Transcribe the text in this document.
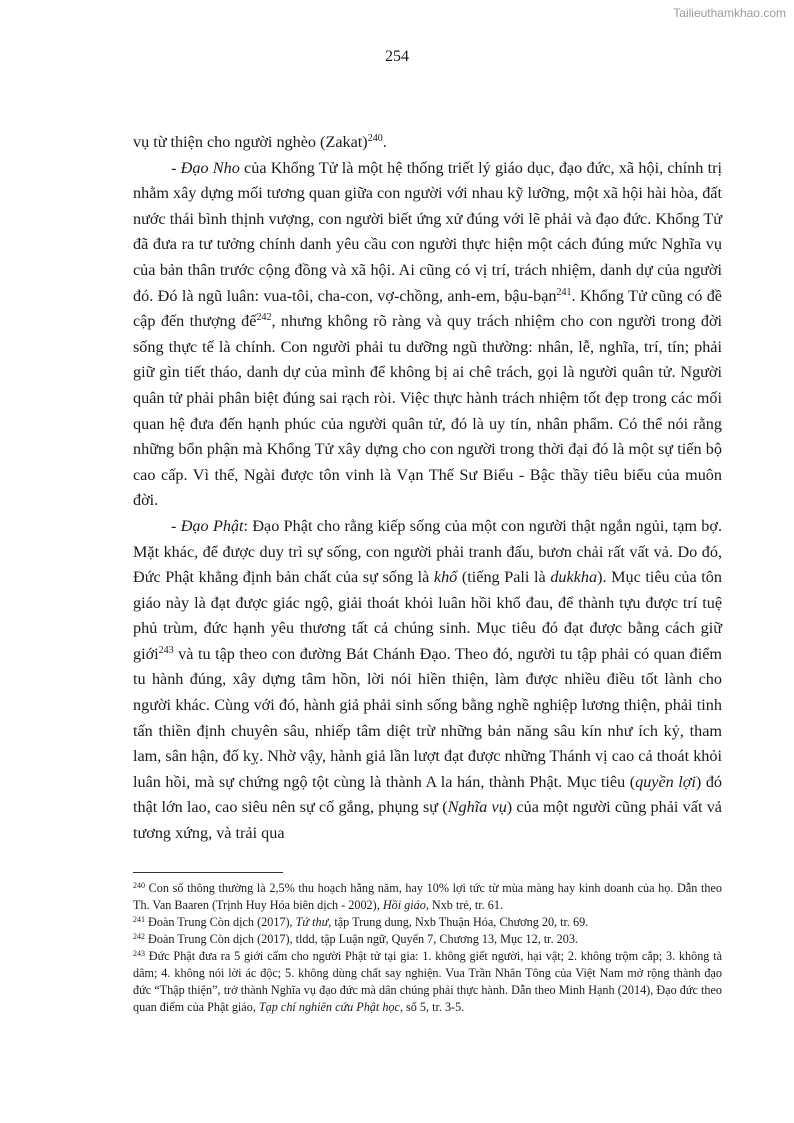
Tailieuthamkhao.com
254

vụ từ thiện cho người nghèo (Zakat)$^{240}$.

- Đạo Nho của Khổng Tử là một hệ thống triết lý giáo dục, đạo đức, xã hội, chính trị nhằm xây dựng mối tương quan giữa con người với nhau kỹ lưỡng, một xã hội hài hòa, đất nước thái bình thịnh vượng, con người biết ứng xử đúng với lẽ phải và đạo đức. Khổng Tử đã đưa ra tư tưởng chính danh yêu cầu con người thực hiện một cách đúng mức Nghĩa vụ của bản thân trước cộng đồng và xã hội. Ai cũng có vị trí, trách nhiệm, danh dự của người đó. Đó là ngũ luân: vua-tôi, cha-con, vợ-chồng, anh-em, bậu-bạn$^{241}$. Khổng Tử cũng có đề cập đến thượng đế$^{242}$, nhưng không rõ ràng và quy trách nhiệm cho con người trong đời sống thực tế là chính. Con người phải tu dưỡng ngũ thường: nhân, lễ, nghĩa, trí, tín; phải giữ gìn tiết tháo, danh dự của mình để không bị ai chê trách, gọi là người quân tử. Người quân tử phải phân biệt đúng sai rạch ròi. Việc thực hành trách nhiệm tốt đẹp trong các mối quan hệ đưa đến hạnh phúc của người quân tử, đó là uy tín, nhân phẩm. Có thể nói rằng những bổn phận mà Khổng Tử xây dựng cho con người trong thời đại đó là một sự tiến bộ cao cấp. Vì thế, Ngài được tôn vinh là Vạn Thế Sư Biểu - Bậc thầy tiêu biểu của muôn đời.

- Đạo Phật: Đạo Phật cho rằng kiếp sống của một con người thật ngắn ngủi, tạm bợ. Mặt khác, để được duy trì sự sống, con người phải tranh đấu, bươn chải rất vất vả. Do đó, Đức Phật khẳng định bản chất của sự sống là khổ (tiếng Pali là dukkha). Mục tiêu của tôn giáo này là đạt được giác ngộ, giải thoát khỏi luân hồi khổ đau, để thành tựu được trí tuệ phủ trùm, đức hạnh yêu thương tất cả chúng sinh. Mục tiêu đó đạt được bằng cách giữ giới$^{243}$ và tu tập theo con đường Bát Chánh Đạo. Theo đó, người tu tập phải có quan điểm tu hành đúng, xây dựng tâm hồn, lời nói hiền thiện, làm được nhiều điều tốt lành cho người khác. Cùng với đó, hành giả phải sinh sống bằng nghề nghiệp lương thiện, phải tinh tấn thiền định chuyên sâu, nhiếp tâm diệt trừ những bản năng sâu kín như ích kỷ, tham lam, sân hận, đố kỵ. Nhờ vậy, hành giả lần lượt đạt được những Thánh vị cao cả thoát khỏi luân hồi, mà sự chứng ngộ tột cùng là thành A la hán, thành Phật. Mục tiêu (quyền lợi) đó thật lớn lao, cao siêu nên sự cố gắng, phụng sự (Nghĩa vụ) của một người cũng phải vất vả tương xứng, và trải qua

$^{240}$ Con số thông thường là 2,5% thu hoạch hằng năm, hay 10% lợi tức từ mùa màng hay kinh doanh của họ. Dẫn theo Th. Van Baaren (Trịnh Huy Hóa biên dịch - 2002), Hồi giáo, Nxb trẻ, tr. 61.

$^{241}$ Đoàn Trung Còn dịch (2017), Tứ thư, tập Trung dung, Nxb Thuận Hóa, Chương 20, tr. 69.

$^{242}$ Đoàn Trung Còn dịch (2017), tldd, tập Luận ngữ, Quyển 7, Chương 13, Mục 12, tr. 203.

$^{243}$ Đức Phật đưa ra 5 giới cấm cho người Phật tử tại gia: 1. không giết người, hại vật; 2. không trộm cắp; 3. không tà dâm; 4. không nói lời ác độc; 5. không dùng chất say nghiện. Vua Trần Nhân Tông của Việt Nam mở rộng thành đạo đức “Thập thiện”, trở thành Nghĩa vụ đạo đức mà dân chúng phải thực hành. Dẫn theo Minh Hạnh (2014), Đạo đức theo quan điểm của Phật giáo, Tạp chí nghiên cứu Phật học, số 5, tr. 3-5.
